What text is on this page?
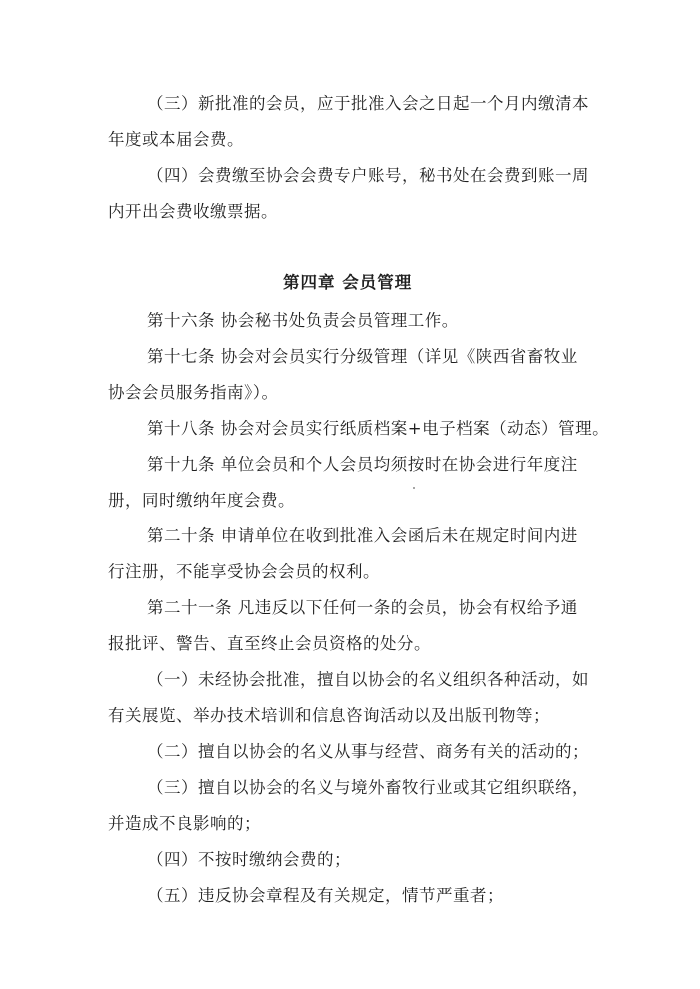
（三）新批准的会员，应于批准入会之日起一个月内缴清本
年度或本届会费。
（四）会费缴至协会会费专户账号，秘书处在会费到账一周
内开出会费收缴票据。
第四章 会员管理
第十六条 协会秘书处负责会员管理工作。
第十七条 协会对会员实行分级管理（详见《陕西省畜牧业
协会会员服务指南》）。
第十八条 协会对会员实行纸质档案+电子档案（动态）管理。
第十九条 单位会员和个人会员均须按时在协会进行年度注
册，同时缴纳年度会费。
第二十条 申请单位在收到批准入会函后未在规定时间内进
行注册，不能享受协会会员的权利。
第二十一条 凡违反以下任何一条的会员，协会有权给予通
报批评、警告、直至终止会员资格的处分。
（一）未经协会批准，擅自以协会的名义组织各种活动，如
有关展览、举办技术培训和信息咨询活动以及出版刊物等；
（二）擅自以协会的名义从事与经营、商务有关的活动的；
（三）擅自以协会的名义与境外畜牧行业或其它组织联络，
并造成不良影响的；
（四）不按时缴纳会费的；
（五）违反协会章程及有关规定，情节严重者；
